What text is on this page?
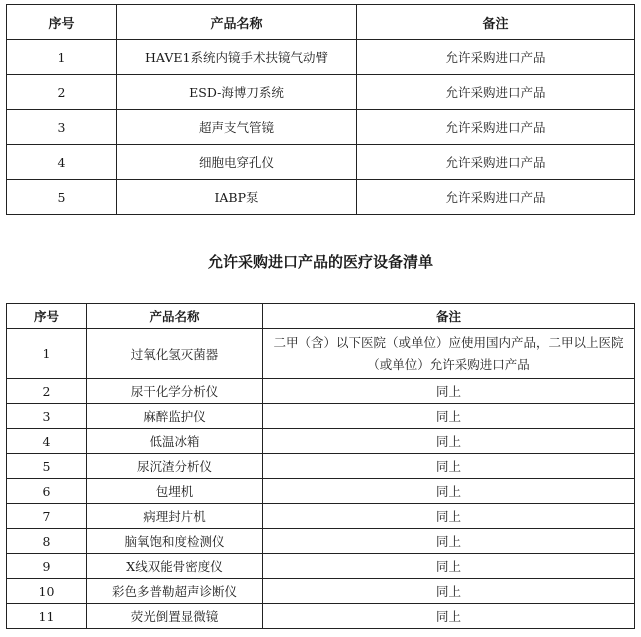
序号	产品名称	备注
1	HAVE1系统内镜手术扶镜气动臂	允许采购进口产品
2	ESD-海博刀系统	允许采购进口产品
3	超声支气管镜	允许采购进口产品
4	细胞电穿孔仪	允许采购进口产品
5	IABP泵	允许采购进口产品
允许采购进口产品的医疗设备清单
序号	产品名称	备注
1	过氧化氢灭菌器	二甲（含）以下医院（或单位）应使用国内产品，二甲以上医院（或单位）允许采购进口产品
2	尿干化学分析仪	同上
3	麻醉监护仪	同上
4	低温冰箱	同上
5	尿沉渣分析仪	同上
6	包埋机	同上
7	病理封片机	同上
8	脑氧饱和度检测仪	同上
9	X线双能骨密度仪	同上
10	彩色多普勒超声诊断仪	同上
11	荧光倒置显微镜	同上
